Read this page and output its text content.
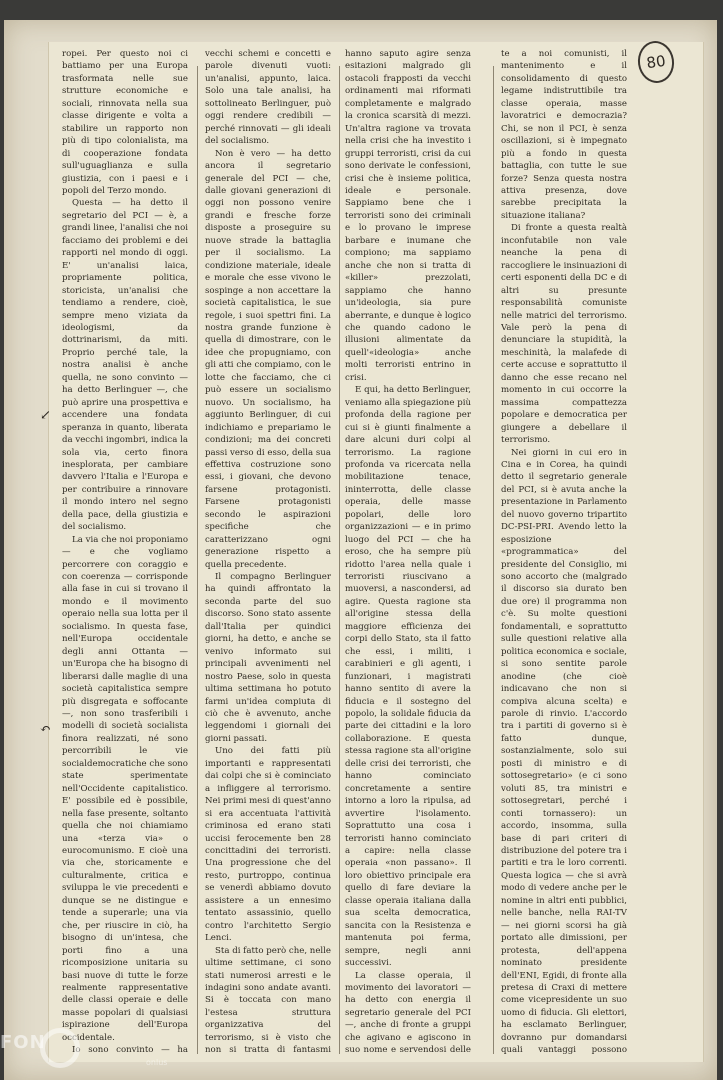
80
↙
↶

ropei. Per questo noi ci battiamo per una Europa trasformata nelle sue strutture economiche e sociali, rinnovata nella sua classe dirigente e volta a stabilire un rapporto non più di tipo colonialista, ma di cooperazione fondata sull'uguaglianza e sulla giustizia, con i paesi e i popoli del Terzo mondo.

Questa — ha detto il segretario del PCI — è, a grandi linee, l'analisi che noi facciamo dei problemi e dei rapporti nel mondo di oggi. E' un'analisi laica, propriamente politica, storicista, un'analisi che tendiamo a rendere, cioè, sempre meno viziata da ideologismi, da dottrinarismi, da miti. Proprio perché tale, la nostra analisi è anche quella, ne sono convinto — ha detto Berlinguer —, che può aprire una prospettiva e accendere una fondata speranza in quanto, liberata da vecchi ingombri, indica la sola via, certo finora inesplorata, per cambiare davvero l'Italia e l'Europa e per contribuire a rinnovare il mondo intero nel segno della pace, della giustizia e del socialismo.

La via che noi proponiamo — e che vogliamo percorrere con coraggio e con coerenza — corrisponde alla fase in cui si trovano il mondo e il movimento operaio nella sua lotta per il socialismo. In questa fase, nell'Europa occidentale degli anni Ottanta — un'Europa che ha bisogno di liberarsi dalle maglie di una società capitalistica sempre più disgregata e soffocante —, non sono trasferibili i modelli di società socialista finora realizzati, né sono percorribili le vie socialdemocratiche che sono state sperimentate nell'Occidente capitalistico. E' possibile ed è possibile, nella fase presente, soltanto quella che noi chiamiamo una «terza via» o eurocomunismo. E cioè una via che, storicamente e culturalmente, critica e sviluppa le vie precedenti e dunque se ne distingue e tende a superarle; una via che, per riuscire in ciò, ha bisogno di un'intesa, che porti fino a una ricomposizione unitaria su basi nuove di tutte le forze realmente rappresentative delle classi operaie e delle masse popolari di qualsiasi ispirazione dell'Europa occidentale.

Io sono convinto — ha

vecchi schemi e concetti e parole divenuti vuoti: un'analisi, appunto, laica. Solo una tale analisi, ha sottolineato Berlinguer, può oggi rendere credibili — perché rinnovati — gli ideali del socialismo.

Non è vero — ha detto ancora il segretario generale del PCI — che, dalle giovani generazioni di oggi non possono venire grandi e fresche forze disposte a proseguire su nuove strade la battaglia per il socialismo. La condizione materiale, ideale e morale che esse vivono le sospinge a non accettare la società capitalistica, le sue regole, i suoi spettri fini. La nostra grande funzione è quella di dimostrare, con le idee che propugniamo, con gli atti che compiamo, con le lotte che facciamo, che ci può essere un socialismo nuovo. Un socialismo, ha aggiunto Berlinguer, di cui indichiamo e prepariamo le condizioni; ma dei concreti passi verso di esso, della sua effettiva costruzione sono essi, i giovani, che devono farsene protagonisti. Farsene protagonisti secondo le aspirazioni specifiche che caratterizzano ogni generazione rispetto a quella precedente.

Il compagno Berlinguer ha quindi affrontato la seconda parte del suo discorso. Sono stato assente dall'Italia per quindici giorni, ha detto, e anche se venivo informato sui principali avvenimenti nel nostro Paese, solo in questa ultima settimana ho potuto farmi un'idea compiuta di ciò che è avvenuto, anche leggendomi i giornali dei giorni passati.

Uno dei fatti più importanti e rappresentati dai colpi che si è cominciato a infliggere al terrorismo. Nei primi mesi di quest'anno si era accentuata l'attività criminosa ed erano stati uccisi ferocemente ben 28 concittadini dei terroristi. Una progressione che del resto, purtroppo, continua se venerdì abbiamo dovuto assistere a un ennesimo tentato assassinio, quello contro l'architetto Sergio Lenci.

Sta di fatto però che, nelle ultime settimane, ci sono stati numerosi arresti e le indagini sono andate avanti. Si è toccata con mano l'estesa struttura organizzativa del terrorismo, si è visto che non si tratta di fantasmi

hanno saputo agire senza esitazioni malgrado gli ostacoli frapposti da vecchi ordinamenti mai riformati completamente e malgrado la cronica scarsità di mezzi. Un'altra ragione va trovata nella crisi che ha investito i gruppi terroristi, crisi da cui sono derivate le confessioni, crisi che è insieme politica, ideale e personale. Sappiamo bene che i terroristi sono dei criminali e lo provano le imprese barbare e inumane che compiono; ma sappiamo anche che non si tratta di «killer» prezzolati, sappiamo che hanno un'ideologia, sia pure aberrante, e dunque è logico che quando cadono le illusioni alimentate da quell'«ideologia» anche molti terroristi entrino in crisi.

E qui, ha detto Berlinguer, veniamo alla spiegazione più profonda della ragione per cui si è giunti finalmente a dare alcuni duri colpi al terrorismo. La ragione profonda va ricercata nella mobilitazione tenace, ininterrotta, delle classe operaia, delle masse popolari, delle loro organizzazioni — e in primo luogo del PCI — che ha eroso, che ha sempre più ridotto l'area nella quale i terroristi riuscivano a muoversi, a nascondersi, ad agire. Questa ragione sta all'origine stessa della maggiore efficienza dei corpi dello Stato, sta il fatto che essi, i militi, i carabinieri e gli agenti, i funzionari, i magistrati hanno sentito di avere la fiducia e il sostegno del popolo, la solidale fiducia da parte dei cittadini e la loro collaborazione. E questa stessa ragione sta all'origine delle crisi dei terroristi, che hanno cominciato concretamente a sentire intorno a loro la ripulsa, ad avvertire l'isolamento. Soprattutto una cosa i terroristi hanno cominciato a capire: nella classe operaia «non passano». Il loro obiettivo principale era quello di fare deviare la classe operaia italiana dalla sua scelta democratica, sancita con la Resistenza e mantenuta poi ferma, sempre, negli anni successivi.

La classe operaia, il movimento dei lavoratori — ha detto con energia il segretario generale del PCI —, anche di fronte a gruppi che agivano e agiscono in suo nome e servendosi delle

te a noi comunisti, il mantenimento e il consolidamento di questo legame indistruttibile tra classe operaia, masse lavoratrici e democrazia? Chi, se non il PCI, è senza oscillazioni, si è impegnato più a fondo in questa battaglia, con tutte le sue forze? Senza questa nostra attiva presenza, dove sarebbe precipitata la situazione italiana?

Di fronte a questa realtà inconfutabile non vale neanche la pena di raccogliere le insinuazioni di certi esponenti della DC e di altri su presunte responsabilità comuniste nelle matrici del terrorismo. Vale però la pena di denunciare la stupidità, la meschinità, la malafede di certe accuse e soprattutto il danno che esse recano nel momento in cui occorre la massima compattezza popolare e democratica per giungere a debellare il terrorismo.

Nei giorni in cui ero in Cina e in Corea, ha quindi detto il segretario generale del PCI, si è avuta anche la presentazione in Parlamento del nuovo governo tripartito DC-PSI-PRI. Avendo letto la esposizione «programmatica» del presidente del Consiglio, mi sono accorto che (malgrado il discorso sia durato ben due ore) il programma non c'è. Su molte questioni fondamentali, e soprattutto sulle questioni relative alla politica economica e sociale, si sono sentite parole anodine (che cioè indicavano che non si compiva alcuna scelta) e parole di rinvio. L'accordo tra i partiti di governo si è fatto dunque, sostanzialmente, solo sui posti di ministro e di sottosegretario» (e ci sono voluti 85, tra ministri e sottosegretari, perché i conti tornassero): un accordo, insomma, sulla base di pari criteri di distribuzione del potere tra i partiti e tra le loro correnti. Questa logica — che si avrà modo di vedere anche per le nomine in altri enti pubblici, nelle banche, nella RAI-TV — nei giorni scorsi ha già portato alle dimissioni, per protesta, dell'appena nominato presidente dell'ENI, Egidi, di fronte alla pretesa di Craxi di mettere come vicepresidente un suo uomo di fiducia. Gli elettori, ha esclamato Berlinguer, dovranno pur domandarsi quali vantaggi possono

FON
onlus
